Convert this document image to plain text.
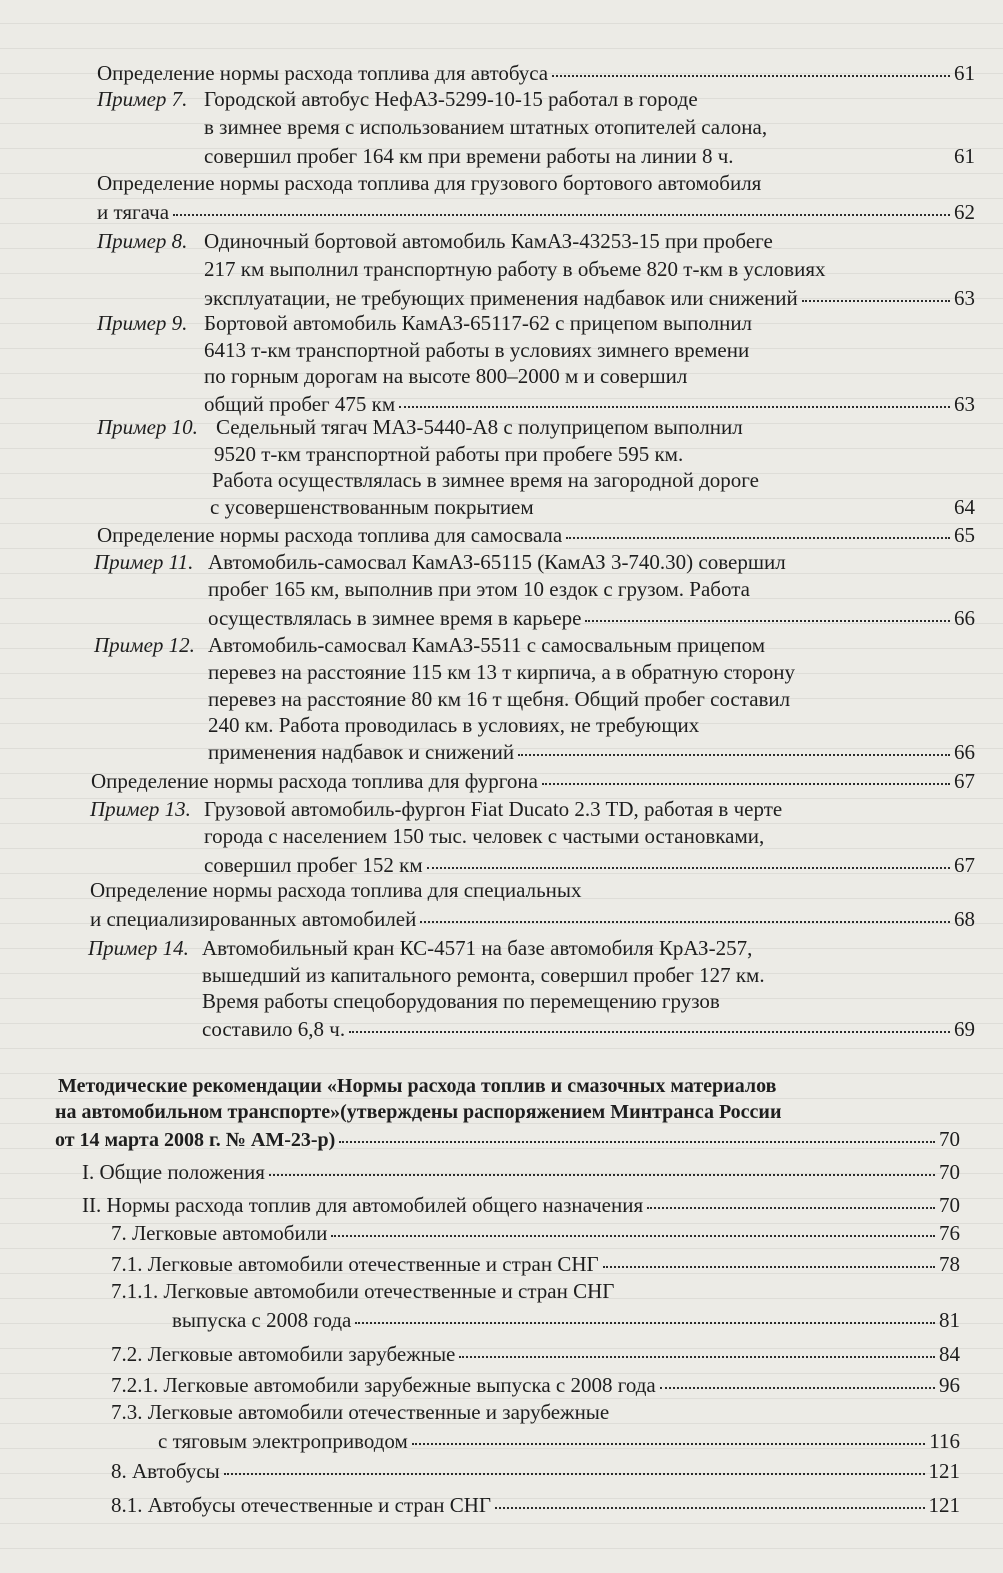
Определение нормы расхода топлива для автобуса	61
Пример 7. Городской автобус НефАЗ-5299-10-15 работал в городе
в зимнее время с использованием штатных отопителей салона,
совершил пробег 164 км при времени работы на линии 8 ч.	61
Определение нормы расхода топлива для грузового бортового автомобиля
и тягача	62
Пример 8. Одиночный бортовой автомобиль КамАЗ-43253-15 при пробеге
217 км выполнил транспортную работу в объеме 820 т-км в условиях
эксплуатации, не требующих применения надбавок или снижений	63
Пример 9. Бортовой автомобиль КамАЗ-65117-62 с прицепом выполнил
6413 т-км транспортной работы в условиях зимнего времени
по горным дорогам на высоте 800–2000 м и совершил
общий пробег 475 км	63
Пример 10. Седельный тягач МАЗ-5440-А8 с полуприцепом выполнил
9520 т-км транспортной работы при пробеге 595 км.
Работа осуществлялась в зимнее время на загородной дороге
с усовершенствованным покрытием	64
Определение нормы расхода топлива для самосвала	65
Пример 11. Автомобиль-самосвал КамАЗ-65115 (КамАЗ 3-740.30) совершил
пробег 165 км, выполнив при этом 10 ездок с грузом. Работа
осуществлялась в зимнее время в карьере	66
Пример 12. Автомобиль-самосвал КамАЗ-5511 с самосвальным прицепом
перевез на расстояние 115 км 13 т кирпича, а в обратную сторону
перевез на расстояние 80 км 16 т щебня. Общий пробег составил
240 км. Работа проводилась в условиях, не требующих
применения надбавок и снижений	66
Определение нормы расхода топлива для фургона	67
Пример 13. Грузовой автомобиль-фургон Fiat Ducato 2.3 TD, работая в черте
города с населением 150 тыс. человек с частыми остановками,
совершил пробег 152 км	67
Определение нормы расхода топлива для специальных
и специализированных автомобилей	68
Пример 14. Автомобильный кран КС-4571 на базе автомобиля КрАЗ-257,
вышедший из капитального ремонта, совершил пробег 127 км.
Время работы спецоборудования по перемещению грузов
составило 6,8 ч.	69
Методические рекомендации «Нормы расхода топлив и смазочных материалов
на автомобильном транспорте»(утверждены распоряжением Минтранса России
от 14 марта 2008 г. № АМ-23-р)	70
I. Общие положения	70
II. Нормы расхода топлив для автомобилей общего назначения	70
7. Легковые автомобили	76
7.1. Легковые автомобили отечественные и стран СНГ	78
7.1.1. Легковые автомобили отечественные и стран СНГ
выпуска с 2008 года	81
7.2. Легковые автомобили зарубежные	84
7.2.1. Легковые автомобили зарубежные выпуска с 2008 года	96
7.3. Легковые автомобили отечественные и зарубежные
с тяговым электроприводом	116
8. Автобусы	121
8.1. Автобусы отечественные и стран СНГ	121
